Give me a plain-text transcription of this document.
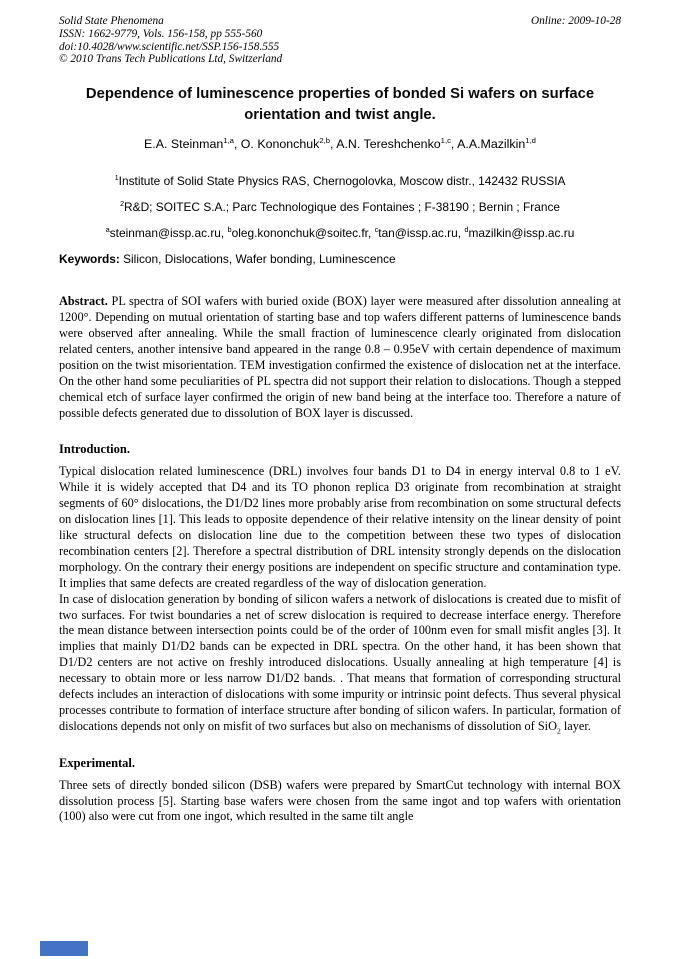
Solid State Phenomena
ISSN: 1662-9779, Vols. 156-158, pp 555-560
doi:10.4028/www.scientific.net/SSP.156-158.555
© 2010 Trans Tech Publications Ltd, Switzerland
Online: 2009-10-28
Dependence of luminescence properties of bonded Si wafers on surface
orientation and twist angle.
E.A. Steinman$^{1,a}$, O. Kononchuk$^{2,b}$, A.N. Tereshchenko$^{1,c}$, A.A.Mazilkin$^{1,d}$
$^1$Institute of Solid State Physics RAS, Chernogolovka, Moscow distr., 142432 RUSSIA
$^2$R&D; SOITEC S.A.; Parc Technologique des Fontaines ; F-38190 ; Bernin ; France
$^a$steinman@issp.ac.ru, $^b$oleg.kononchuk@soitec.fr, $^c$tan@issp.ac.ru, $^d$mazilkin@issp.ac.ru
Keywords: Silicon, Dislocations, Wafer bonding, Luminescence

Abstract. PL spectra of SOI wafers with buried oxide (BOX) layer were measured after dissolution annealing at 1200°. Depending on mutual orientation of starting base and top wafers different patterns of luminescence bands were observed after annealing. While the small fraction of luminescence clearly originated from dislocation related centers, another intensive band appeared in the range 0.8 – 0.95eV with certain dependence of maximum position on the twist misorientation. TEM investigation confirmed the existence of dislocation net at the interface. On the other hand some peculiarities of PL spectra did not support their relation to dislocations. Though a stepped chemical etch of surface layer confirmed the origin of new band being at the interface too. Therefore a nature of possible defects generated due to dissolution of BOX layer is discussed.

Introduction.

Typical dislocation related luminescence (DRL) involves four bands D1 to D4 in energy interval 0.8 to 1 eV. While it is widely accepted that D4 and its TO phonon replica D3 originate from recombination at straight segments of 60° dislocations, the D1/D2 lines more probably arise from recombination on some structural defects on dislocation lines [1]. This leads to opposite dependence of their relative intensity on the linear density of point like structural defects on dislocation line due to the competition between these two types of dislocation recombination centers [2]. Therefore a spectral distribution of DRL intensity strongly depends on the dislocation morphology. On the contrary their energy positions are independent on specific structure and contamination type. It implies that same defects are created regardless of the way of dislocation generation.

In case of dislocation generation by bonding of silicon wafers a network of dislocations is created due to misfit of two surfaces. For twist boundaries a net of screw dislocation is required to decrease interface energy. Therefore the mean distance between intersection points could be of the order of 100nm even for small misfit angles [3]. It implies that mainly D1/D2 bands can be expected in DRL spectra. On the other hand, it has been shown that D1/D2 centers are not active on freshly introduced dislocations. Usually annealing at high temperature [4] is necessary to obtain more or less narrow D1/D2 bands. . That means that formation of corresponding structural defects includes an interaction of dislocations with some impurity or intrinsic point defects. Thus several physical processes contribute to formation of interface structure after bonding of silicon wafers. In particular, formation of dislocations depends not only on misfit of two surfaces but also on mechanisms of dissolution of SiO$_2$ layer.

Experimental.

Three sets of directly bonded silicon (DSB) wafers were prepared by SmartCut technology with internal BOX dissolution process [5]. Starting base wafers were chosen from the same ingot and top wafers with orientation (100) also were cut from one ingot, which resulted in the same tilt angle
